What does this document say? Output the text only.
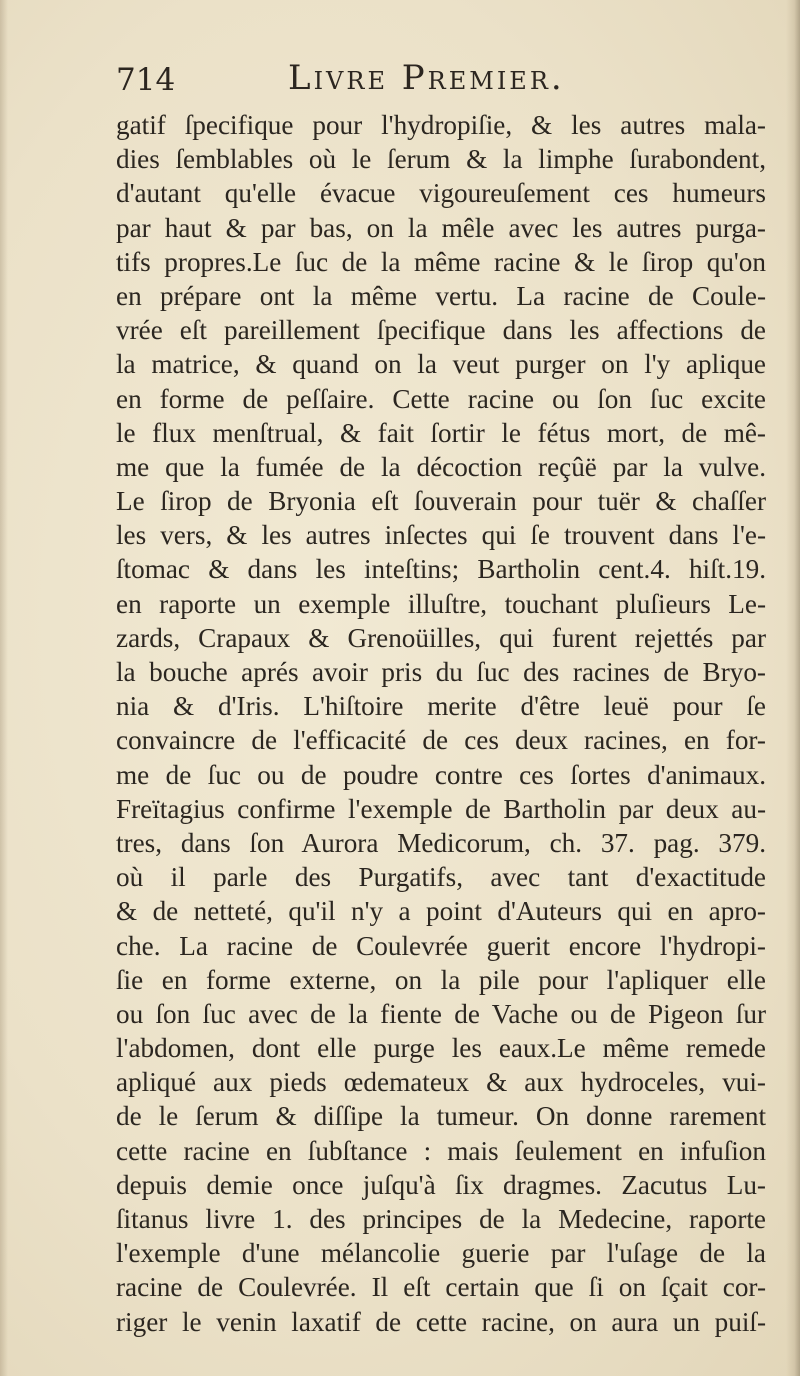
714	Livre Premier.
gatif ſpecifique pour l'hydropiſie, & les autres mala-
dies ſemblables où le ſerum & la limphe ſurabondent,
d'autant qu'elle évacue vigoureuſement ces humeurs
par haut & par bas, on la mêle avec les autres purga-
tifs propres.Le ſuc de la même racine & le ſirop qu'on
en prépare ont la même vertu. La racine de Coule-
vrée eſt pareillement ſpecifique dans les affections de
la matrice, & quand on la veut purger on l'y aplique
en forme de peſſaire. Cette racine ou ſon ſuc excite
le flux menſtrual, & fait ſortir le fétus mort, de mê-
me que la fumée de la décoction reçûë par la vulve.
Le ſirop de Bryonia eſt ſouverain pour tuër & chaſſer
les vers, & les autres inſectes qui ſe trouvent dans l'e-
ſtomac & dans les inteſtins; Bartholin cent.4. hiſt.19.
en raporte un exemple illuſtre, touchant pluſieurs Le-
zards, Crapaux & Grenoüilles, qui furent rejettés par
la bouche aprés avoir pris du ſuc des racines de Bryo-
nia & d'Iris. L'hiſtoire merite d'être leuë pour ſe
convaincre de l'efficacité de ces deux racines, en for-
me de ſuc ou de poudre contre ces ſortes d'animaux.
Freïtagius confirme l'exemple de Bartholin par deux au-
tres, dans ſon Aurora Medicorum, ch. 37. pag. 379.
où il parle des Purgatifs, avec tant d'exactitude
& de netteté, qu'il n'y a point d'Auteurs qui en apro-
che. La racine de Coulevrée guerit encore l'hydropi-
ſie en forme externe, on la pile pour l'apliquer elle
ou ſon ſuc avec de la fiente de Vache ou de Pigeon ſur
l'abdomen, dont elle purge les eaux.Le même remede
apliqué aux pieds œdemateux & aux hydroceles, vui-
de le ſerum & diſſipe la tumeur. On donne rarement
cette racine en ſubſtance : mais ſeulement en infuſion
depuis demie once juſqu'à ſix dragmes. Zacutus Lu-
ſitanus livre 1. des principes de la Medecine, raporte
l'exemple d'une mélancolie guerie par l'uſage de la
racine de Coulevrée. Il eſt certain que ſi on ſçait cor-
riger le venin laxatif de cette racine, on aura un puiſ-
